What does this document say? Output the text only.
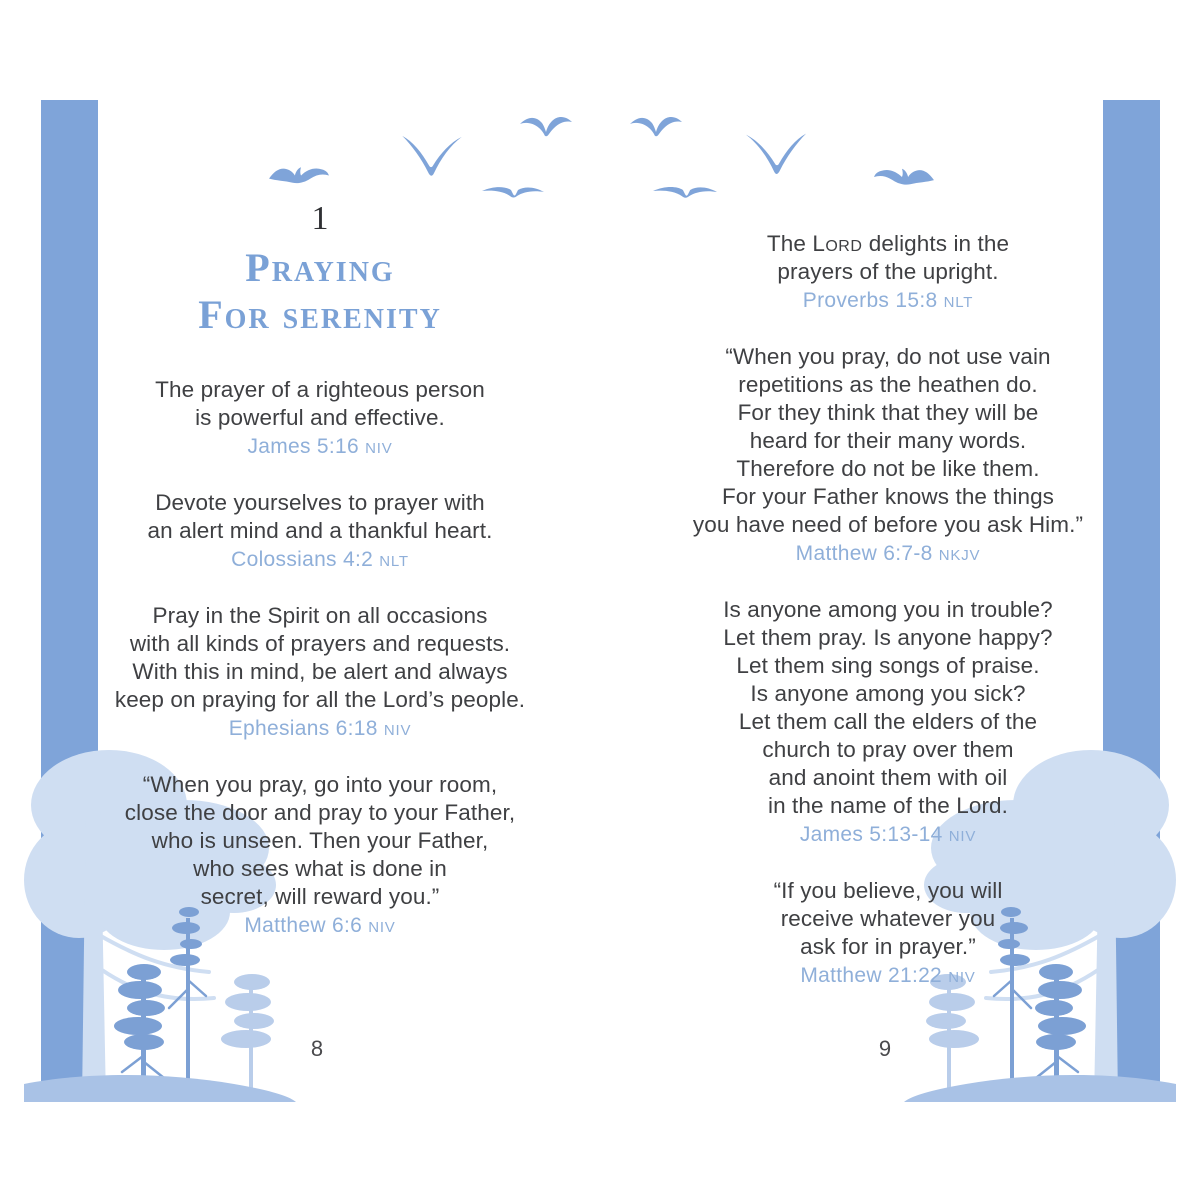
1
Praying
For serenity
The prayer of a righteous person
is powerful and effective.
James 5:16 NIV
Devote yourselves to prayer with
an alert mind and a thankful heart.
Colossians 4:2 NLT
Pray in the Spirit on all occasions
with all kinds of prayers and requests.
With this in mind, be alert and always
keep on praying for all the Lord’s people.
Ephesians 6:18 NIV
“When you pray, go into your room,
close the door and pray to your Father,
who is unseen. Then your Father,
who sees what is done in
secret, will reward you.”
Matthew 6:6 NIV
The Lord delights in the
prayers of the upright.
Proverbs 15:8 NLT
“When you pray, do not use vain
repetitions as the heathen do.
For they think that they will be
heard for their many words.
Therefore do not be like them.
For your Father knows the things
you have need of before you ask Him.”
Matthew 6:7-8 NKJV
Is anyone among you in trouble?
Let them pray. Is anyone happy?
Let them sing songs of praise.
Is anyone among you sick?
Let them call the elders of the
church to pray over them
and anoint them with oil
in the name of the Lord.
James 5:13-14 NIV
“If you believe, you will
receive whatever you
ask for in prayer.”
Matthew 21:22 NIV
8	9
